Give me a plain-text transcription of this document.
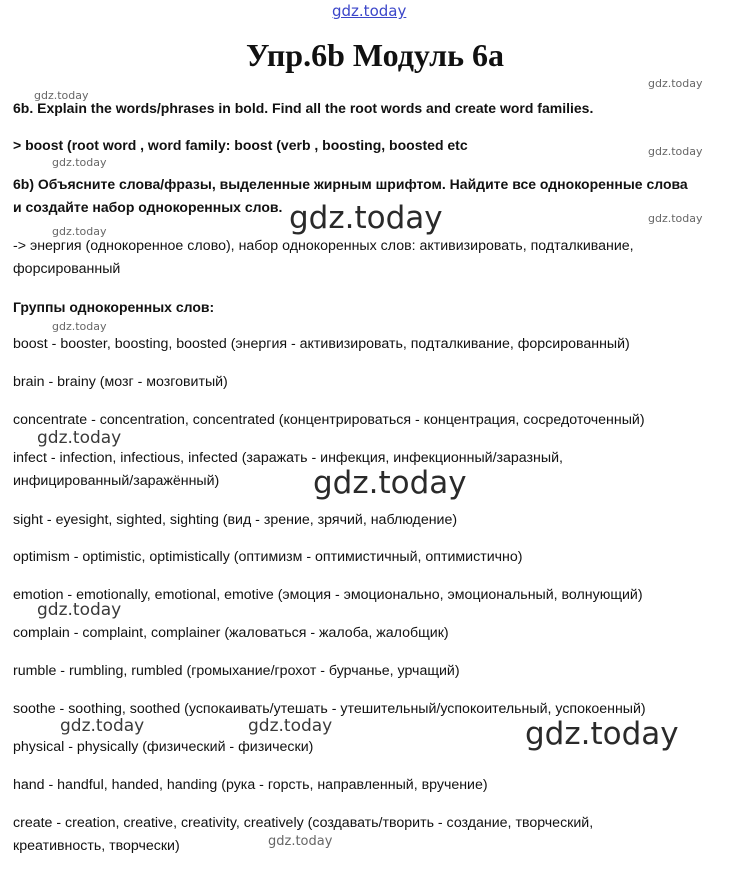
gdz.today
gdz.today
gdz.today
gdz.today
gdz.today
gdz.today
gdz.today
gdz.today
gdz.today
gdz.today
gdz.today
gdz.today
gdz.today	gdz.today	gdz.today
gdz.today
Упр.6b Модуль 6a
6b. Explain the words/phrases in bold. Find all the root words and create word families.
> boost (root word , word family: boost (verb , boosting, boosted etc
6b) Объясните слова/фразы, выделенные жирным шрифтом. Найдите все однокоренные слова
и создайте набор однокоренных слов.
-> энергия (однокоренное слово), набор однокоренных слов: активизировать, подталкивание,
форсированный
Группы однокоренных слов:
boost - booster, boosting, boosted (энергия - активизировать, подталкивание, форсированный)
brain - brainy (мозг - мозговитый)
concentrate - concentration, concentrated (концентрироваться - концентрация, сосредоточенный)
infect - infection, infectious, infected (заражать - инфекция, инфекционный/заразный,
инфицированный/заражённый)
sight - eyesight, sighted, sighting (вид - зрение, зрячий, наблюдение)
optimism - optimistic, optimistically (оптимизм - оптимистичный, оптимистично)
emotion - emotionally, emotional, emotive (эмоция - эмоционально, эмоциональный, волнующий)
complain - complaint, complainer (жаловаться - жалоба, жалобщик)
rumble - rumbling, rumbled (громыхание/грохот - бурчанье, урчащий)
soothe - soothing, soothed (успокаивать/утешать - утешительный/успокоительный, успокоенный)
physical - physically (физический - физически)
hand - handful, handed, handing (рука - горсть, направленный, вручение)
create - creation, creative, creativity, creatively (создавать/творить - создание, творческий,
креативность, творчески)
